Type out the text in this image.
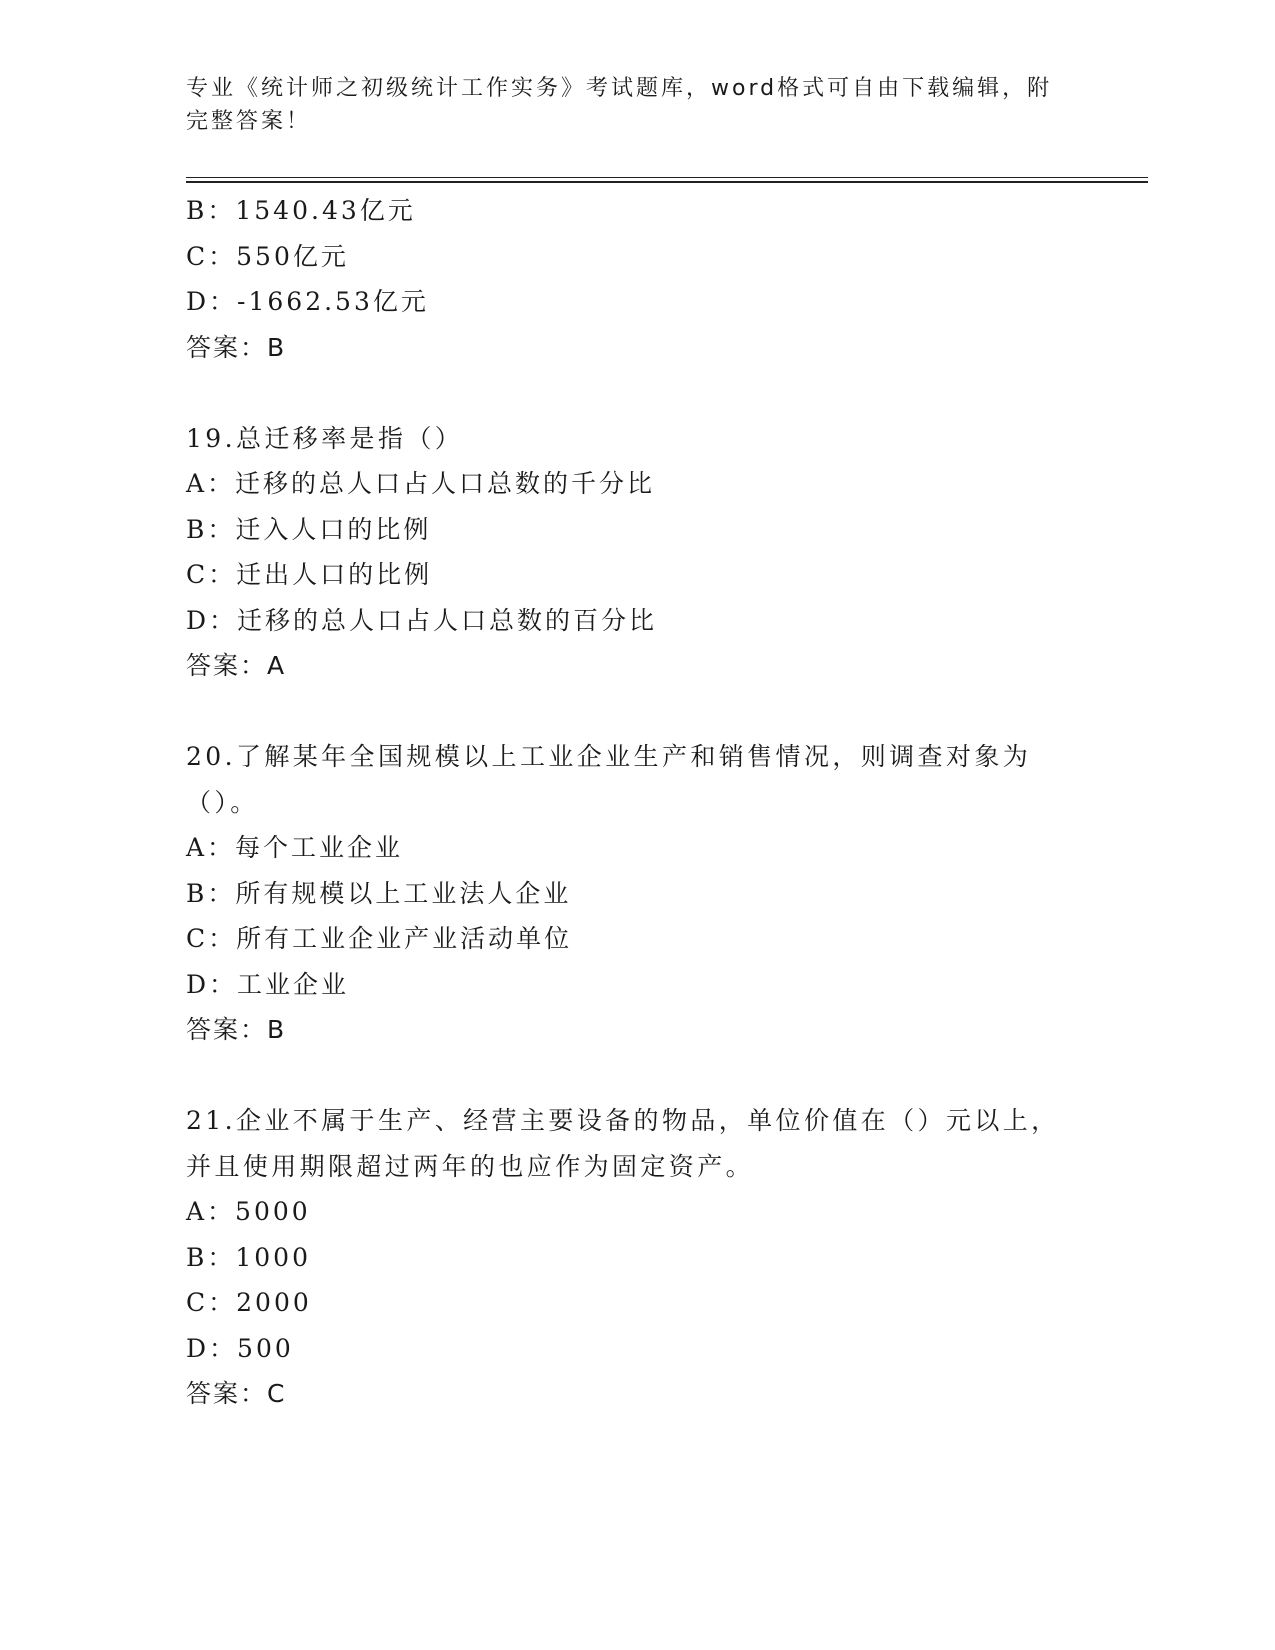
专业《统计师之初级统计工作实务》考试题库，word格式可自由下载编辑，附完整答案！
B：1540.43亿元
C：550亿元
D：-1662.53亿元
答案：B
19.总迁移率是指（）
A：迁移的总人口占人口总数的千分比
B：迁入人口的比例
C：迁出人口的比例
D：迁移的总人口占人口总数的百分比
答案：A
20.了解某年全国规模以上工业企业生产和销售情况，则调查对象为（）。
A：每个工业企业
B：所有规模以上工业法人企业
C：所有工业企业产业活动单位
D：工业企业
答案：B
21.企业不属于生产、经营主要设备的物品，单位价值在（）元以上，并且使用期限超过两年的也应作为固定资产。
A：5000
B：1000
C：2000
D：500
答案：C
